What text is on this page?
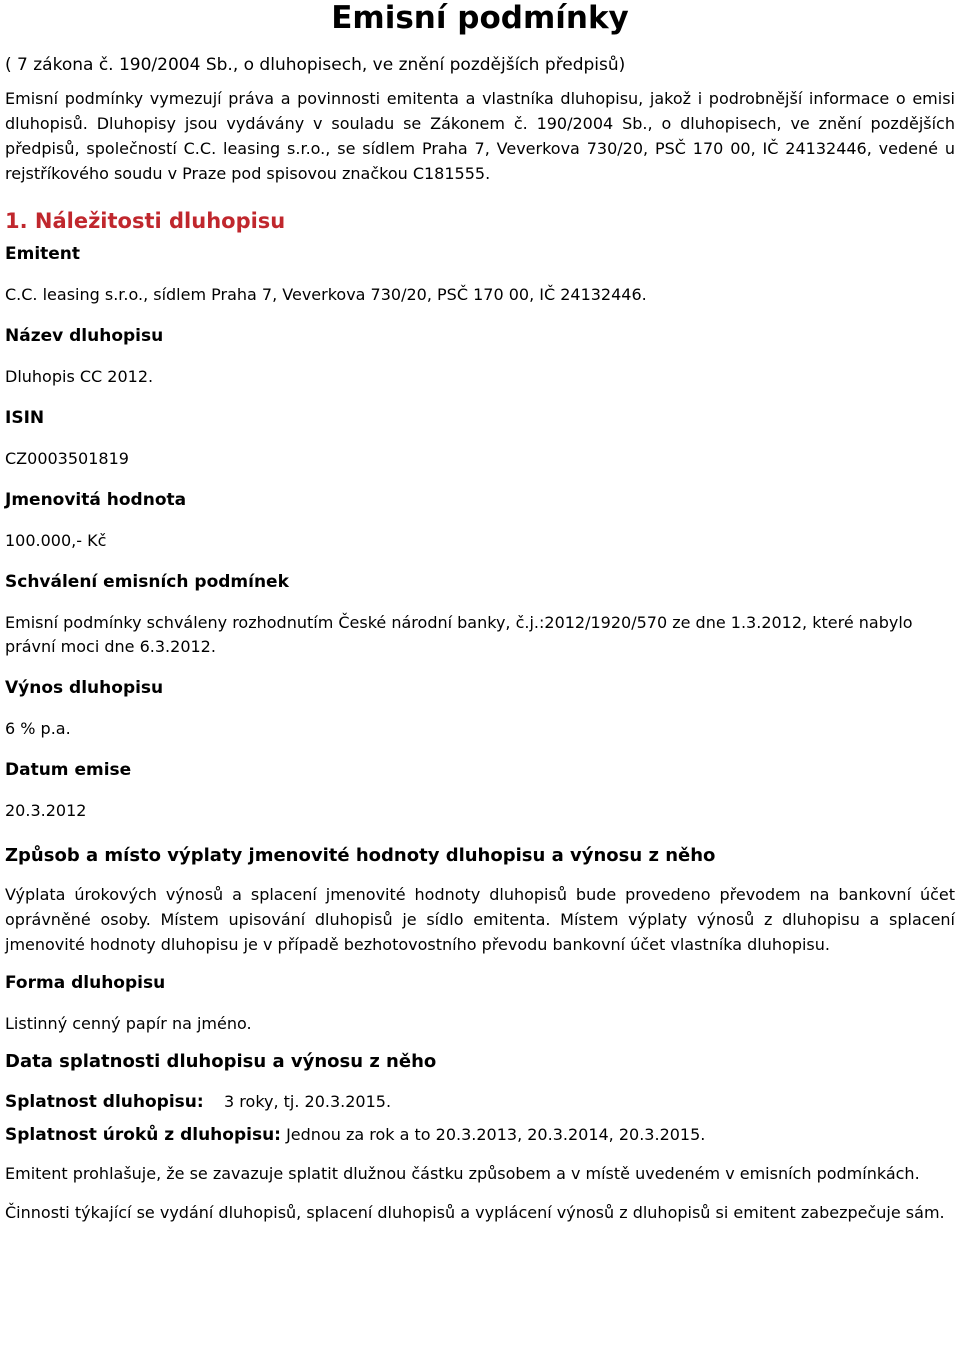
Emisní podmínky

( 7 zákona č. 190/2004 Sb., o dluhopisech, ve znění pozdějších předpisů)

Emisní podmínky vymezují práva a povinnosti emitenta a vlastníka dluhopisu, jakož i podrobnější informace o emisi dluhopisů. Dluhopisy jsou vydávány v souladu se Zákonem č. 190/2004 Sb., o dluhopisech, ve znění pozdějších předpisů, společností C.C. leasing s.r.o., se sídlem Praha 7, Veverkova 730/20, PSČ 170 00, IČ 24132446, vedené u rejstříkového soudu v Praze pod spisovou značkou C181555.

1. Náležitosti dluhopisu

Emitent

C.C. leasing s.r.o., sídlem Praha 7, Veverkova 730/20, PSČ 170 00, IČ 24132446.

Název dluhopisu

Dluhopis CC 2012.

ISIN

CZ0003501819

Jmenovitá hodnota

100.000,- Kč

Schválení emisních podmínek

Emisní podmínky schváleny rozhodnutím České národní banky, č.j.:2012/1920/570 ze dne 1.3.2012, které nabylo právní moci dne 6.3.2012.

Výnos dluhopisu

6 % p.a.

Datum emise

20.3.2012

Způsob a místo výplaty jmenovité hodnoty dluhopisu a výnosu z něho

Výplata úrokových výnosů a splacení jmenovité hodnoty dluhopisů bude provedeno převodem na bankovní účet oprávněné osoby. Místem upisování dluhopisů je sídlo emitenta. Místem výplaty výnosů z dluhopisu a splacení jmenovité hodnoty dluhopisu je v případě bezhotovostního převodu bankovní účet vlastníka dluhopisu.

Forma dluhopisu

Listinný cenný papír na jméno.

Data splatnosti dluhopisu a výnosu z něho

Splatnost dluhopisu: 3 roky, tj. 20.3.2015.

Splatnost úroků z dluhopisu: Jednou za rok a to 20.3.2013, 20.3.2014, 20.3.2015.

Emitent prohlašuje, že se zavazuje splatit dlužnou částku způsobem a v místě uvedeném v emisních podmínkách.

Činnosti týkající se vydání dluhopisů, splacení dluhopisů a vyplácení výnosů z dluhopisů si emitent zabezpečuje sám.
